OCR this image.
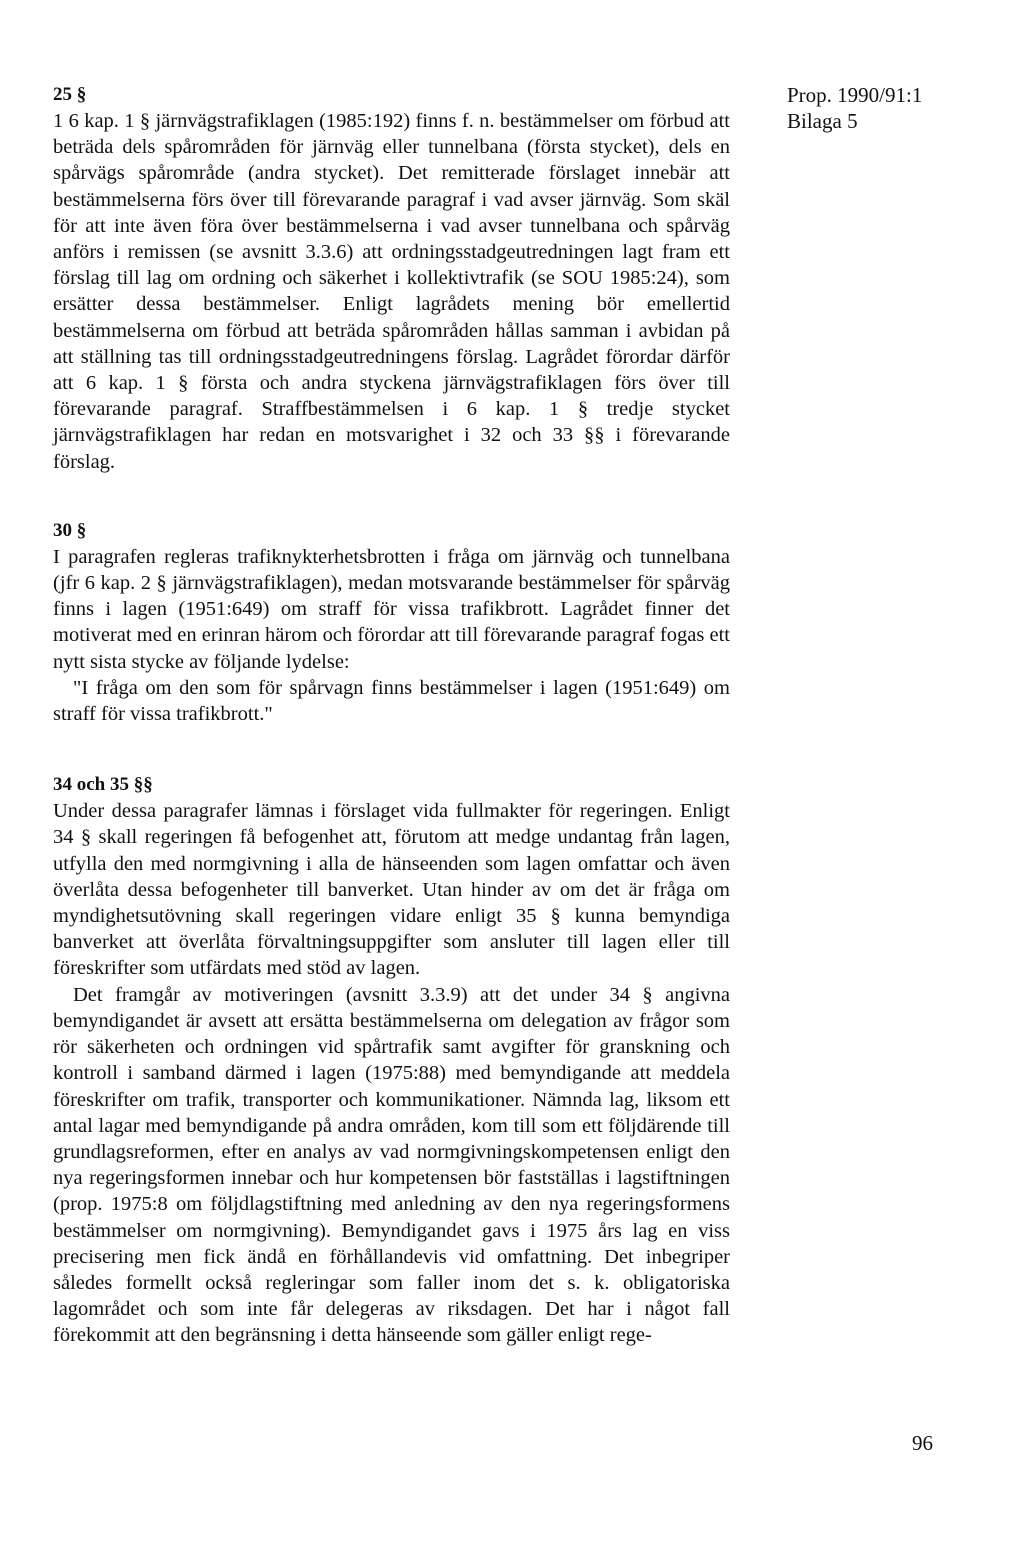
Prop. 1990/91:1
Bilaga 5
25 §

1 6 kap. 1 § järnvägstrafiklagen (1985:192) finns f. n. bestämmelser om förbud att beträda dels spårområden för järnväg eller tunnelbana (första stycket), dels en spårvägs spårområde (andra stycket). Det remitterade förslaget innebär att bestämmelserna förs över till förevarande paragraf i vad avser järnväg. Som skäl för att inte även föra över bestämmelserna i vad avser tunnelbana och spårväg anförs i remissen (se avsnitt 3.3.6) att ordningsstadgeutredningen lagt fram ett förslag till lag om ordning och säkerhet i kollektivtrafik (se SOU 1985:24), som ersätter dessa bestämmelser. Enligt lagrådets mening bör emellertid bestämmelserna om förbud att beträda spårområden hållas samman i avbidan på att ställning tas till ordningsstadgeutredningens förslag. Lagrådet förordar därför att 6 kap. 1 § första och andra styckena järnvägstrafiklagen förs över till förevarande paragraf. Straffbestämmelsen i 6 kap. 1 § tredje stycket järnvägstrafiklagen har redan en motsvarighet i 32 och 33 §§ i förevarande förslag.

30 §

I paragrafen regleras trafiknykterhetsbrotten i fråga om järnväg och tunnelbana (jfr 6 kap. 2 § järnvägstrafiklagen), medan motsvarande bestämmelser för spårväg finns i lagen (1951:649) om straff för vissa trafikbrott. Lagrådet finner det motiverat med en erinran härom och förordar att till förevarande paragraf fogas ett nytt sista stycke av följande lydelse:

"I fråga om den som för spårvagn finns bestämmelser i lagen (1951:649) om straff för vissa trafikbrott."

34 och 35 §§

Under dessa paragrafer lämnas i förslaget vida fullmakter för regeringen. Enligt 34 § skall regeringen få befogenhet att, förutom att medge undantag från lagen, utfylla den med normgivning i alla de hänseenden som lagen omfattar och även överlåta dessa befogenheter till banverket. Utan hinder av om det är fråga om myndighetsutövning skall regeringen vidare enligt 35 § kunna bemyndiga banverket att överlåta förvaltningsuppgifter som ansluter till lagen eller till föreskrifter som utfärdats med stöd av lagen.

Det framgår av motiveringen (avsnitt 3.3.9) att det under 34 § angivna bemyndigandet är avsett att ersätta bestämmelserna om delegation av frågor som rör säkerheten och ordningen vid spårtrafik samt avgifter för granskning och kontroll i samband därmed i lagen (1975:88) med bemyndigande att meddela föreskrifter om trafik, transporter och kommunikationer. Nämnda lag, liksom ett antal lagar med bemyndigande på andra områden, kom till som ett följdärende till grundlagsreformen, efter en analys av vad normgivningskompetensen enligt den nya regeringsformen innebar och hur kompetensen bör fastställas i lagstiftningen (prop. 1975:8 om följdlagstiftning med anledning av den nya regeringsformens bestämmelser om normgivning). Bemyndigandet gavs i 1975 års lag en viss precisering men fick ändå en förhållandevis vid omfattning. Det inbegriper således formellt också regleringar som faller inom det s. k. obligatoriska lagområdet och som inte får delegeras av riksdagen. Det har i något fall förekommit att den begränsning i detta hänseende som gäller enligt rege-

96
